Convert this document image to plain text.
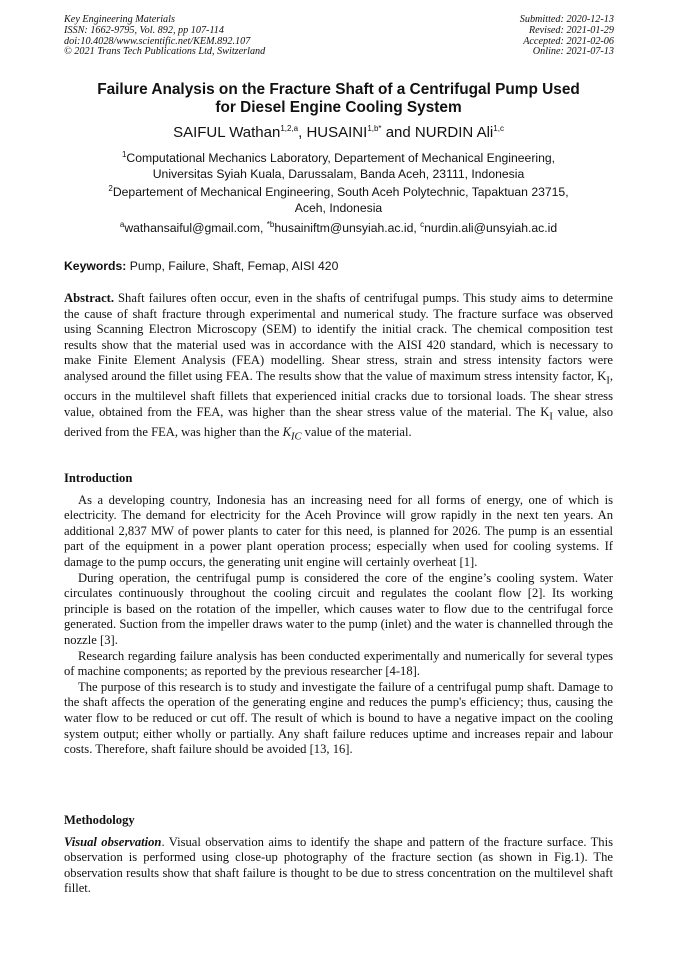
Key Engineering Materials
ISSN: 1662-9795, Vol. 892, pp 107-114
doi:10.4028/www.scientific.net/KEM.892.107
© 2021 Trans Tech Publications Ltd, Switzerland
Submitted: 2020-12-13
Revised: 2021-01-29
Accepted: 2021-02-06
Online: 2021-07-13
Failure Analysis on the Fracture Shaft of a Centrifugal Pump Used
for Diesel Engine Cooling System
SAIFUL Wathan$^{1,2,a}$, $HUSAINI^{1,b*}$ and NURDIN Ali$^{1,c}$
$^1$Computational Mechanics Laboratory, Departement of Mechanical Engineering,
Universitas Syiah Kuala, Darussalam, Banda Aceh, 23111, Indonesia
$^2$Departement of Mechanical Engineering, South Aceh Polytechnic, Tapaktuan 23715,
Aceh, Indonesia
$^a$wathansaiful@gmail.com, $^{*b}$husainiftm@unsyiah.ac.id, $^c$nurdin.ali@unsyiah.ac.id
Keywords: Pump, Failure, Shaft, Femap, AISI 420

Abstract. Shaft failures often occur, even in the shafts of centrifugal pumps. This study aims to determine the cause of shaft fracture through experimental and numerical study. The fracture surface was observed using Scanning Electron Microscopy (SEM) to identify the initial crack. The chemical composition test results show that the material used was in accordance with the AISI 420 standard, which is necessary to make Finite Element Analysis (FEA) modelling. Shear stress, strain and stress intensity factors were analysed around the fillet using FEA. The results show that the value of maximum stress intensity factor, $K_I$, occurs in the multilevel shaft fillets that experienced initial cracks due to torsional loads. The shear stress value, obtained from the FEA, was higher than the shear stress value of the material. The $K_I$ value, also derived from the FEA, was higher than the $K_{IC}$ value of the material.

Introduction

As a developing country, Indonesia has an increasing need for all forms of energy, one of which is electricity. The demand for electricity for the Aceh Province will grow rapidly in the next ten years. An additional 2,837 MW of power plants to cater for this need, is planned for 2026. The pump is an essential part of the equipment in a power plant operation process; especially when used for cooling systems. If damage to the pump occurs, the generating unit engine will certainly overheat [1].

During operation, the centrifugal pump is considered the core of the engine’s cooling system. Water circulates continuously throughout the cooling circuit and regulates the coolant flow [2]. Its working principle is based on the rotation of the impeller, which causes water to flow due to the centrifugal force generated. Suction from the impeller draws water to the pump (inlet) and the water is channelled through the nozzle [3].

Research regarding failure analysis has been conducted experimentally and numerically for several types of machine components; as reported by the previous researcher [4-18].

The purpose of this research is to study and investigate the failure of a centrifugal pump shaft. Damage to the shaft affects the operation of the generating engine and reduces the pump's efficiency; thus, causing the water flow to be reduced or cut off. The result of which is bound to have a negative impact on the cooling system output; either wholly or partially. Any shaft failure reduces uptime and increases repair and labour costs. Therefore, shaft failure should be avoided [13, 16].

Methodology

Visual observation. Visual observation aims to identify the shape and pattern of the fracture surface. This observation is performed using close-up photography of the fracture section (as shown in Fig.1). The observation results show that shaft failure is thought to be due to stress concentration on the multilevel shaft fillet.
